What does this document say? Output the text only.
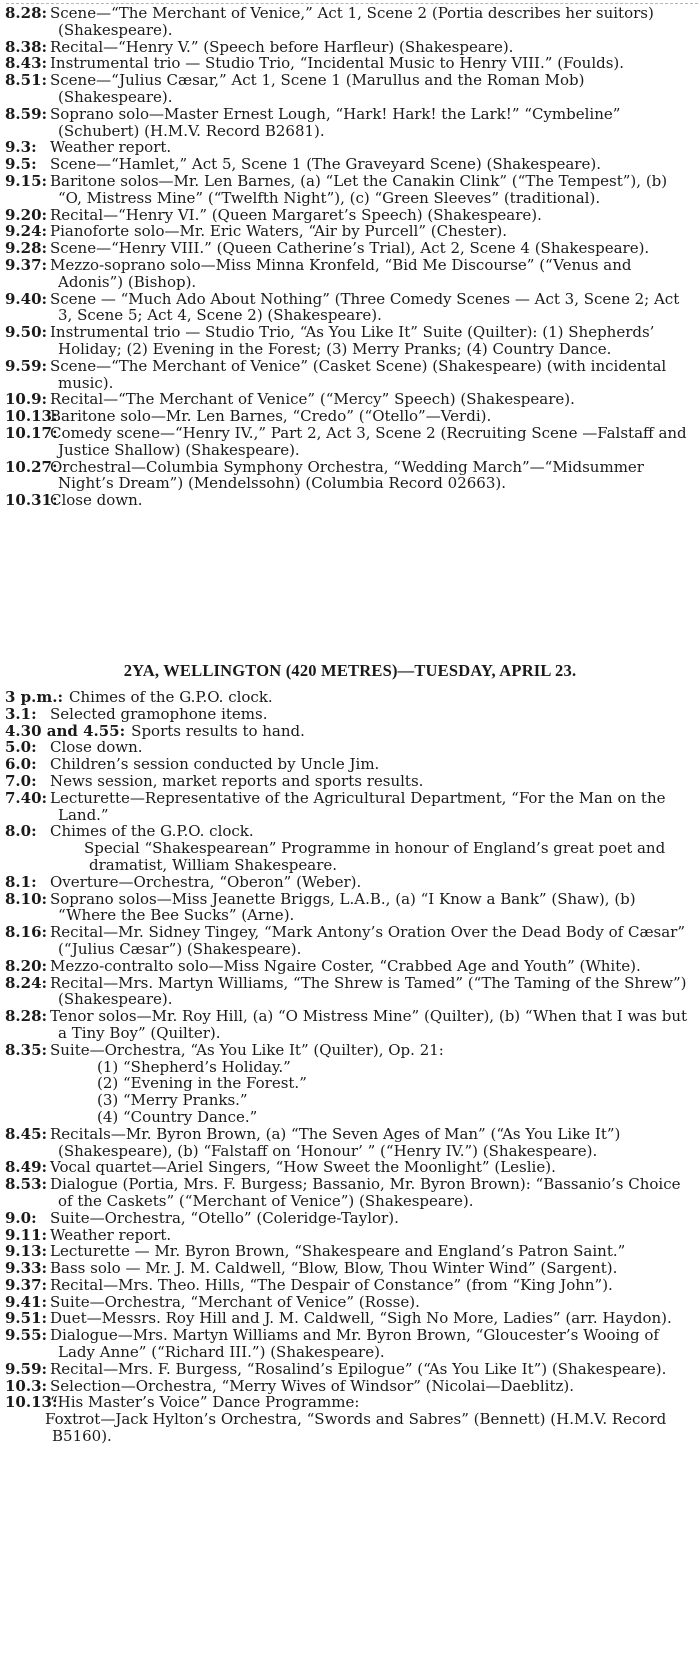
8.28: Scene—“The Merchant of Venice,” Act 1, Scene 2 (Portia describes her suitors) (Shakespeare).
8.38: Recital—“Henry V.” (Speech before Harfleur) (Shakespeare).
8.43: Instrumental trio — Studio Trio, “Incidental Music to Henry VIII.” (Foulds).
8.51: Scene—“Julius Cæsar,” Act 1, Scene 1 (Marullus and the Roman Mob) (Shakespeare).
8.59: Soprano solo—Master Ernest Lough, “Hark! Hark! the Lark!” “Cymbeline” (Schubert) (H.M.V. Record B2681).
9.3: Weather report.
9.5: Scene—“Hamlet,” Act 5, Scene 1 (The Graveyard Scene) (Shakespeare).
9.15: Baritone solos—Mr. Len Barnes, (a) “Let the Canakin Clink” (“The Tempest”), (b) “O, Mistress Mine” (“Twelfth Night”), (c) “Green Sleeves” (traditional).
9.20: Recital—“Henry VI.” (Queen Margaret’s Speech) (Shakespeare).
9.24: Pianoforte solo—Mr. Eric Waters, “Air by Purcell” (Chester).
9.28: Scene—“Henry VIII.” (Queen Catherine’s Trial), Act 2, Scene 4 (Shakespeare).
9.37: Mezzo-soprano solo—Miss Minna Kronfeld, “Bid Me Discourse” (“Venus and Adonis”) (Bishop).
9.40: Scene — “Much Ado About Nothing” (Three Comedy Scenes — Act 3, Scene 2; Act 3, Scene 5; Act 4, Scene 2) (Shakespeare).
9.50: Instrumental trio — Studio Trio, “As You Like It” Suite (Quilter): (1) Shepherds’ Holiday; (2) Evening in the Forest; (3) Merry Pranks; (4) Country Dance.
9.59: Scene—“The Merchant of Venice” (Casket Scene) (Shakespeare) (with incidental music).
10.9: Recital—“The Merchant of Venice” (“Mercy” Speech) (Shakespeare).
10.13:
Baritone solo—Mr. Len Barnes, “Credo” (“Otello”—Verdi).
10.17:
Comedy scene—“Henry IV.,” Part 2, Act 3, Scene 2 (Recruiting Scene —Falstaff and Justice Shallow) (Shakespeare).
10.27:
Orchestral—Columbia Symphony Orchestra, “Wedding March”—“Midsummer Night’s Dream”) (Mendelssohn) (Columbia Record 02663).
10.31:
Close down.
2YA, WELLINGTON (420 METRES)—TUESDAY, APRIL 23.
3 p.m.: Chimes of the G.P.O. clock.
3.1: Selected gramophone items.
4.30 and 4.55: Sports results to hand.
5.0: Close down.
6.0: Children’s session conducted by Uncle Jim.
7.0: News session, market reports and sports results.
7.40: Lecturette—Representative of the Agricultural Department, “For the Man on the Land.”
8.0: Chimes of the G.P.O. clock.
Special “Shakespearean” Programme in honour of England’s great poet and dramatist, William Shakespeare.
8.1: Overture—Orchestra, “Oberon” (Weber).
8.10: Soprano solos—Miss Jeanette Briggs, L.A.B., (a) “I Know a Bank” (Shaw), (b) “Where the Bee Sucks” (Arne).
8.16: Recital—Mr. Sidney Tingey, “Mark Antony’s Oration Over the Dead Body of Cæsar” (“Julius Cæsar”) (Shakespeare).
8.20: Mezzo-contralto solo—Miss Ngaire Coster, “Crabbed Age and Youth” (White).
8.24: Recital—Mrs. Martyn Williams, “The Shrew is Tamed” (“The Taming of the Shrew”) (Shakespeare).
8.28: Tenor solos—Mr. Roy Hill, (a) “O Mistress Mine” (Quilter), (b) “When that I was but a Tiny Boy” (Quilter).
8.35: Suite—Orchestra, “As You Like It” (Quilter), Op. 21:
(1) “Shepherd’s Holiday.”
(2) “Evening in the Forest.”
(3) “Merry Pranks.”
(4) “Country Dance.”
8.45: Recitals—Mr. Byron Brown, (a) “The Seven Ages of Man” (“As You Like It”) (Shakespeare), (b) “Falstaff on ‘Honour’ ” (“Henry IV.”) (Shakespeare).
8.49: Vocal quartet—Ariel Singers, “How Sweet the Moonlight” (Leslie).
8.53: Dialogue (Portia, Mrs. F. Burgess; Bassanio, Mr. Byron Brown): “Bassanio’s Choice of the Caskets” (“Merchant of Venice”) (Shakespeare).
9.0: Suite—Orchestra, “Otello” (Coleridge-Taylor).
9.11: Weather report.
9.13: Lecturette — Mr. Byron Brown, “Shakespeare and England’s Patron Saint.”
9.33: Bass solo — Mr. J. M. Caldwell, “Blow, Blow, Thou Winter Wind” (Sargent).
9.37: Recital—Mrs. Theo. Hills, “The Despair of Constance” (from “King John”).
9.41: Suite—Orchestra, “Merchant of Venice” (Rosse).
9.51: Duet—Messrs. Roy Hill and J. M. Caldwell, “Sigh No More, Ladies” (arr. Haydon).
9.55: Dialogue—Mrs. Martyn Williams and Mr. Byron Brown, “Gloucester’s Wooing of Lady Anne” (“Richard III.”) (Shakespeare).
9.59: Recital—Mrs. F. Burgess, “Rosalind’s Epilogue” (“As You Like It”) (Shakespeare).
10.3: Selection—Orchestra, “Merry Wives of Windsor” (Nicolai—Daeblitz).
10.13:
“His Master’s Voice” Dance Programme:
Foxtrot—Jack Hylton’s Orchestra, “Swords and Sabres” (Bennett) (H.M.V. Record B5160).
